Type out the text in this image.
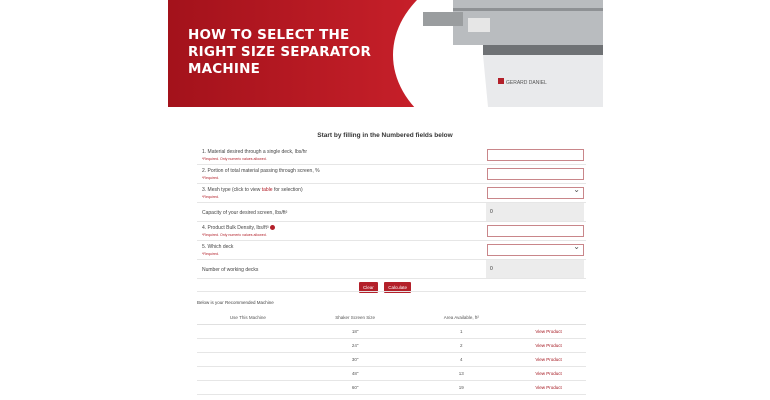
HOW TO SELECT THE
RIGHT SIZE SEPARATOR
MACHINE
GERARD DANIEL
Start by filling in the Numbered fields below
1. Material desired through a single deck, lbs/hr
*Required. Only numeric values allowed.
2. Portion of total material passing through screen, %
*Required.
3. Mesh type (click to view table for selection)
*Required.
⌄
Capacity of your desired screen, lbs/ft²	0
4. Product Bulk Density, lbs/ft³
*Required. Only numeric values allowed.
5. Which deck
*Required.
⌄
Number of working decks	0
Clear	Calculate
Below is your Recommended Machine
Use This Machine	Shaker Screen Size	Area Available, ft²	
	18"	1	View Product
	24"	2	View Product
	30"	4	View Product
	48"	13	View Product
	60"	19	View Product
